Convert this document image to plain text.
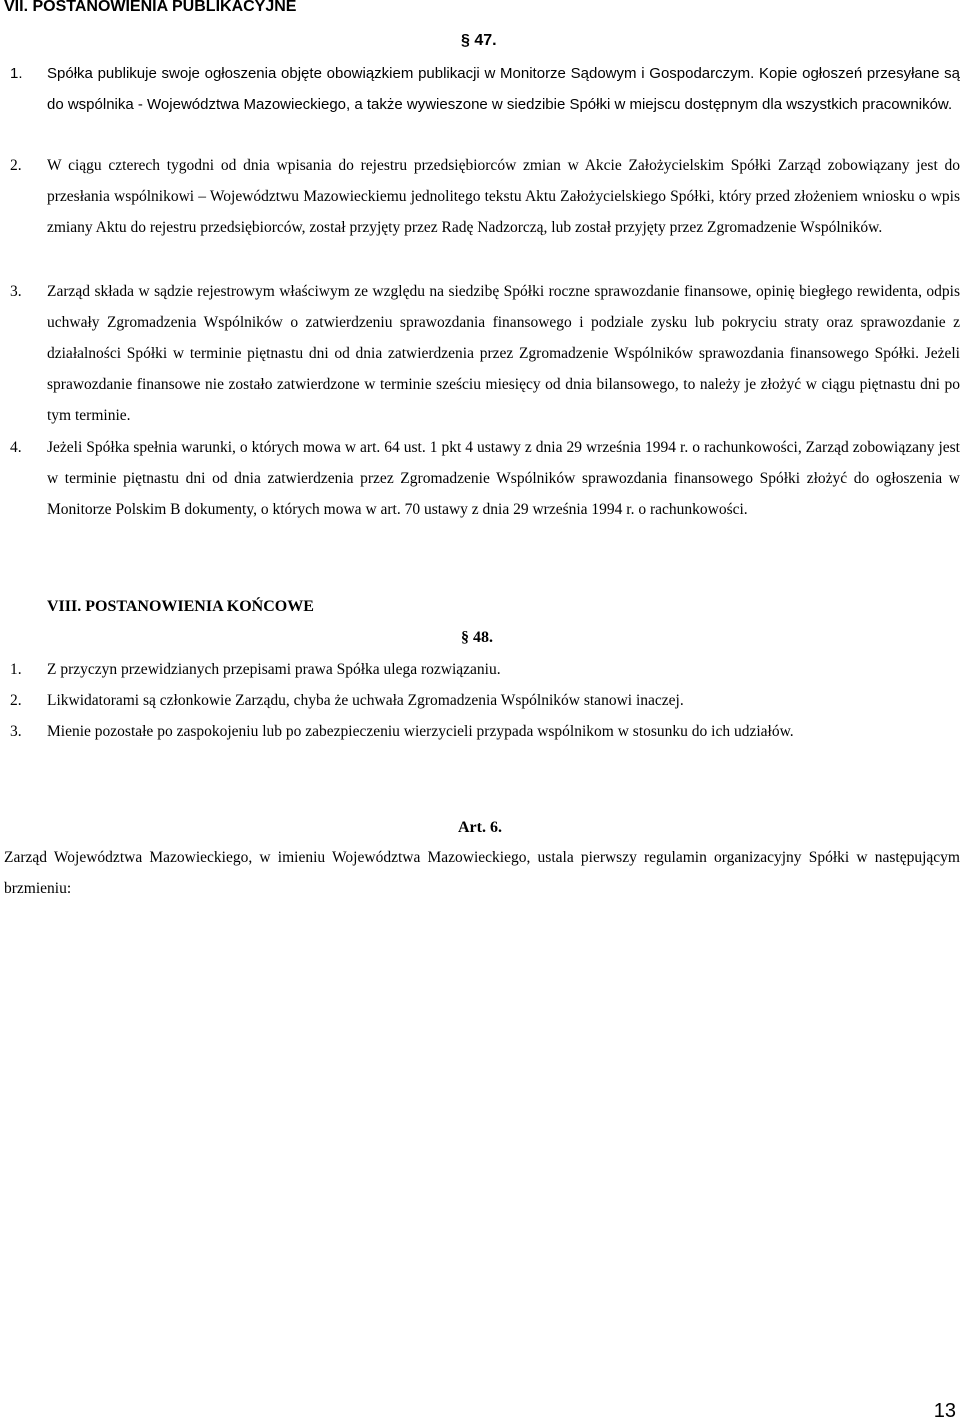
VII. POSTANOWIENIA PUBLIKACYJNE
§ 47.
1. Spółka publikuje swoje ogłoszenia objęte obowiązkiem publikacji w Monitorze Sądowym i Gospodarczym. Kopie ogłoszeń przesyłane są do wspólnika - Województwa Mazowieckiego, a także wywieszone w siedzibie Spółki w miejscu dostępnym dla wszystkich pracowników.
2. W ciągu czterech tygodni od dnia wpisania do rejestru przedsiębiorców zmian w Akcie Założycielskim Spółki Zarząd zobowiązany jest do przesłania wspólnikowi – Województwu Mazowieckiemu jednolitego tekstu Aktu Założycielskiego Spółki, który przed złożeniem wniosku o wpis zmiany Aktu do rejestru przedsiębiorców, został przyjęty przez Radę Nadzorczą, lub został przyjęty przez Zgromadzenie Wspólników.
3. Zarząd składa w sądzie rejestrowym właściwym ze względu na siedzibę Spółki roczne sprawozdanie finansowe, opinię biegłego rewidenta, odpis uchwały Zgromadzenia Wspólników o zatwierdzeniu sprawozdania finansowego i podziale zysku lub pokryciu straty oraz sprawozdanie z działalności Spółki w terminie piętnastu dni od dnia zatwierdzenia przez Zgromadzenie Wspólników sprawozdania finansowego Spółki. Jeżeli sprawozdanie finansowe nie zostało zatwierdzone w terminie sześciu miesięcy od dnia bilansowego, to należy je złożyć w ciągu piętnastu dni po tym terminie.
4. Jeżeli Spółka spełnia warunki, o których mowa w art. 64 ust. 1 pkt 4 ustawy z dnia 29 września 1994 r. o rachunkowości, Zarząd zobowiązany jest w terminie piętnastu dni od dnia zatwierdzenia przez Zgromadzenie Wspólników sprawozdania finansowego Spółki złożyć do ogłoszenia w Monitorze Polskim B dokumenty, o których mowa w art. 70 ustawy z dnia 29 września 1994 r. o rachunkowości.
VIII. POSTANOWIENIA KOŃCOWE
§ 48.
1. Z przyczyn przewidzianych przepisami prawa Spółka ulega rozwiązaniu.
2. Likwidatorami są członkowie Zarządu, chyba że uchwała Zgromadzenia Wspólników stanowi inaczej.
3. Mienie pozostałe po zaspokojeniu lub po zabezpieczeniu wierzycieli przypada wspólnikom w stosunku do ich udziałów.
Art. 6.
Zarząd Województwa Mazowieckiego, w imieniu Województwa Mazowieckiego, ustala pierwszy regulamin organizacyjny Spółki w następującym brzmieniu:
13
